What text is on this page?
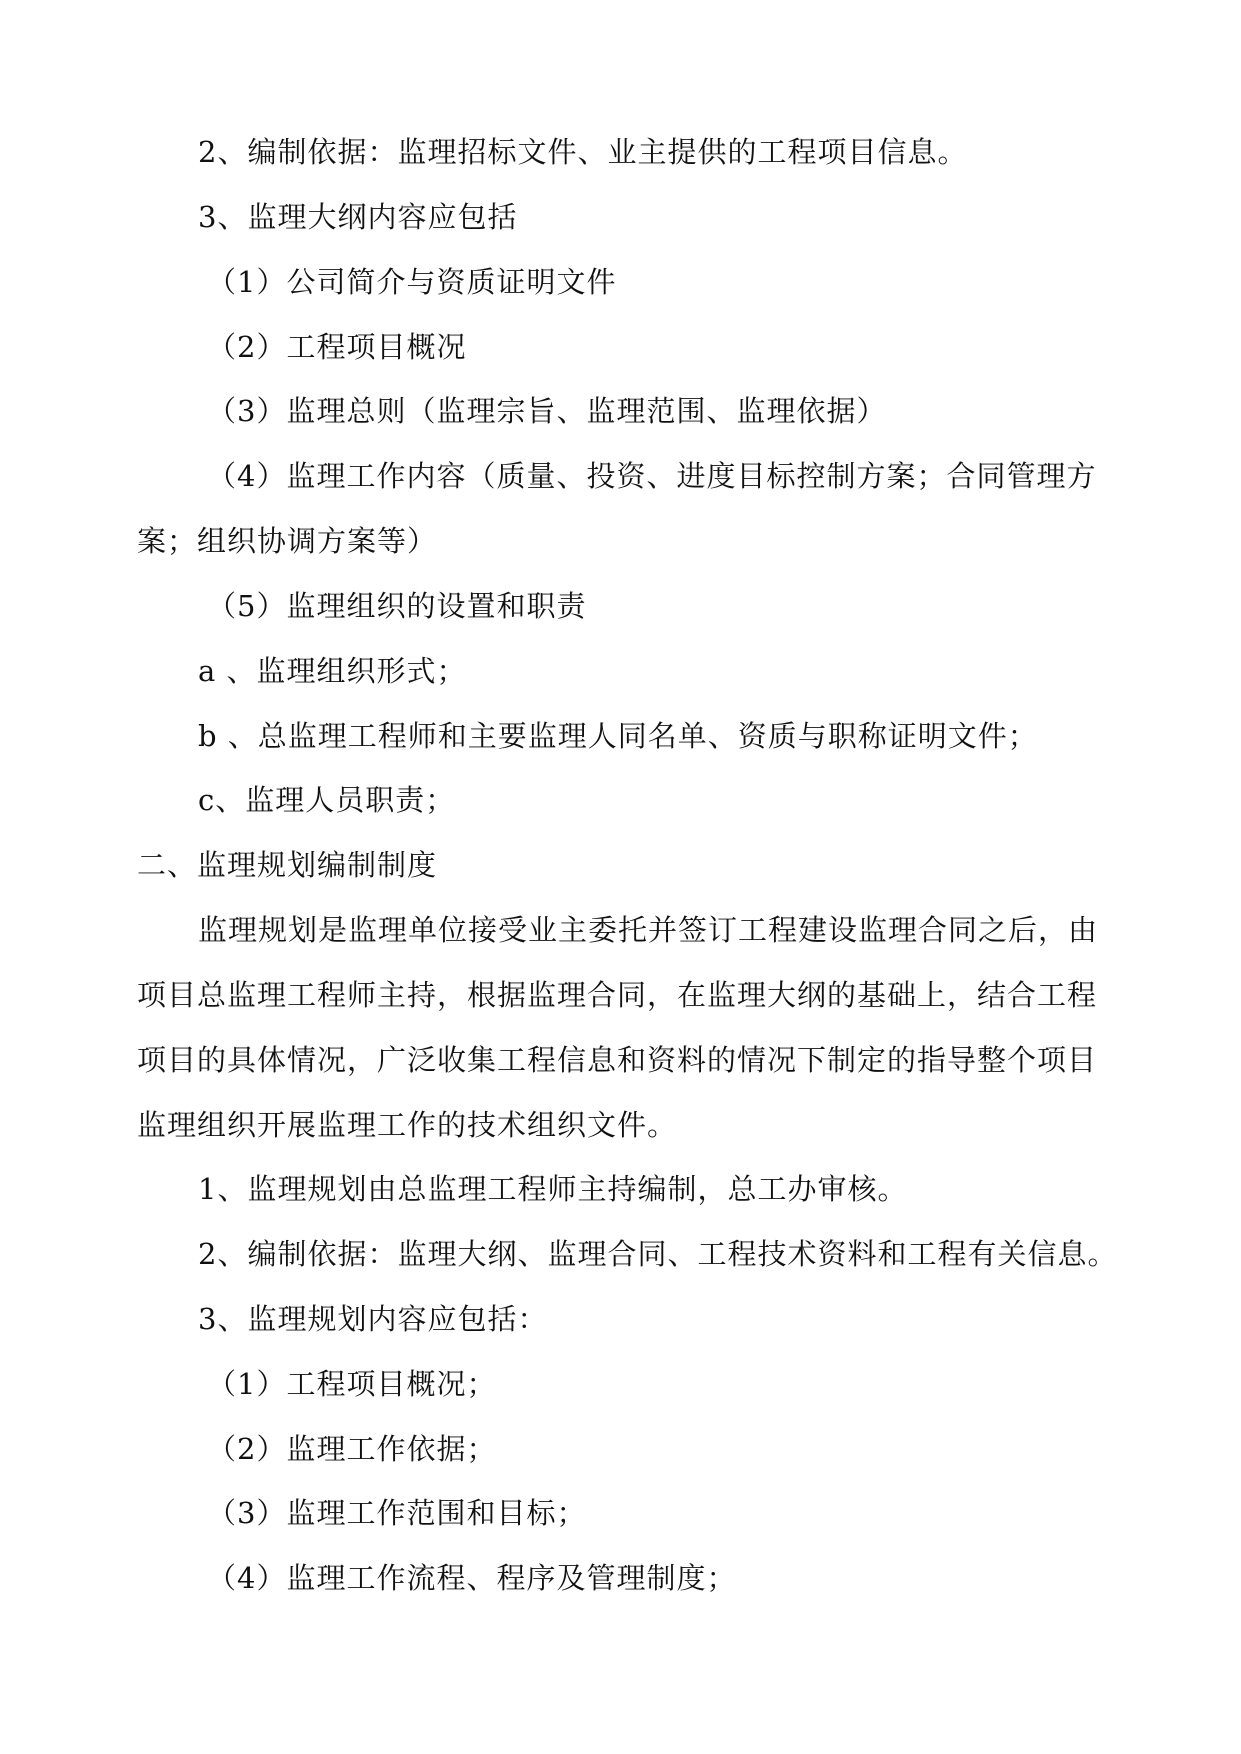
2、编制依据：监理招标文件、业主提供的工程项目信息。
3、监理大纲内容应包括
（1）公司简介与资质证明文件
（2）工程项目概况
（3）监理总则（监理宗旨、监理范围、监理依据）
（4）监理工作内容（质量、投资、进度目标控制方案；合同管理方
案；组织协调方案等）
（5）监理组织的设置和职责
a 、监理组织形式；
b 、总监理工程师和主要监理人同名单、资质与职称证明文件；
c、监理人员职责；
二、监理规划编制制度
监理规划是监理单位接受业主委托并签订工程建设监理合同之后，由
项目总监理工程师主持，根据监理合同，在监理大纲的基础上，结合工程
项目的具体情况，广泛收集工程信息和资料的情况下制定的指导整个项目
监理组织开展监理工作的技术组织文件。
1、监理规划由总监理工程师主持编制，总工办审核。
2、编制依据：监理大纲、监理合同、工程技术资料和工程有关信息。
3、监理规划内容应包括：
（1）工程项目概况；
（2）监理工作依据；
（3）监理工作范围和目标；
（4）监理工作流程、程序及管理制度；
